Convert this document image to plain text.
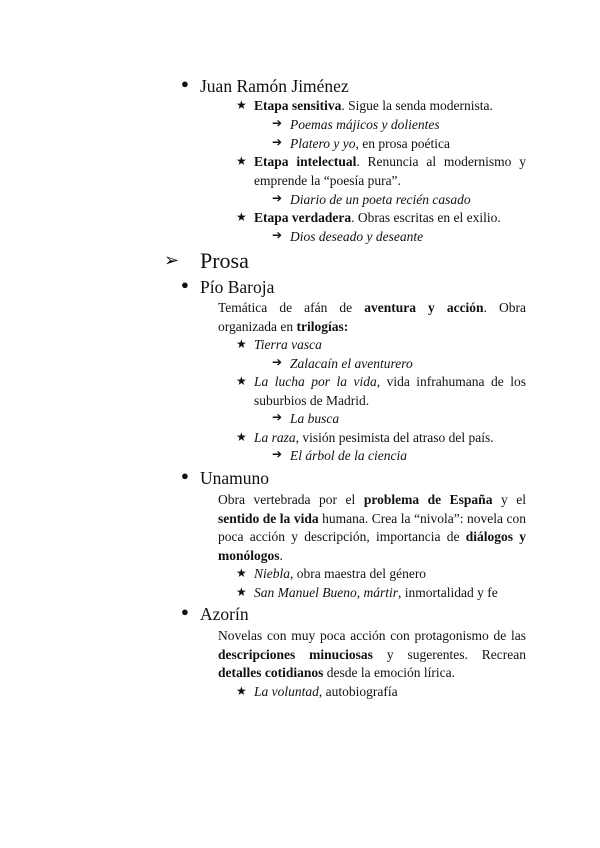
● Juan Ramón Jiménez
★ Etapa sensitiva. Sigue la senda modernista.
➔ Poemas májicos y dolientes
➔ Platero y yo, en prosa poética
★ Etapa intelectual. Renuncia al modernismo y
emprende la “poesía pura”.
➔ Diario de un poeta recién casado
★ Etapa verdadera. Obras escritas en el exilio.
➔ Dios deseado y deseante
➢ Prosa
● Pío Baroja

Temática de afán de aventura y acción. Obra

organizada en trilogías:

★ Tierra vasca
➔ Zalacaín el aventurero
★ La lucha por la vida, vida infrahumana de los
suburbios de Madrid.
➔ La busca
★ La raza, visión pesimista del atraso del país.
➔ El árbol de la ciencia
● Unamuno

Obra vertebrada por el problema de España y el

sentido de la vida humana. Crea la “nivola”: novela con

poca acción y descripción, importancia de diálogos y

monólogos.

★ Niebla, obra maestra del género
★ San Manuel Bueno, mártir, inmortalidad y fe
● Azorín

Novelas con muy poca acción con protagonismo de las

descripciones minuciosas y sugerentes. Recrean

detalles cotidianos desde la emoción lírica.

★ La voluntad, autobiografía
